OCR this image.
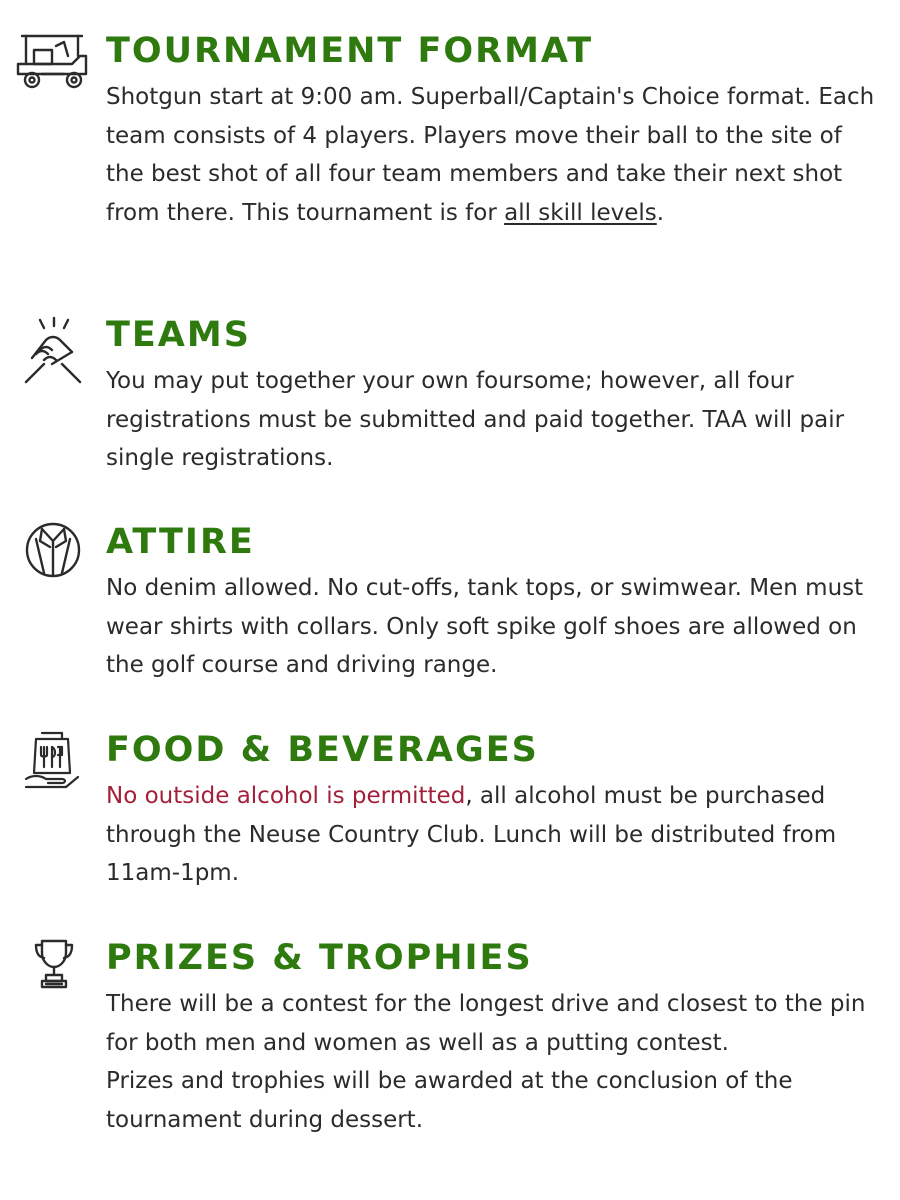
TOURNAMENT FORMAT

Shotgun start at 9:00 am. Superball/Captain's Choice format. Each team consists of 4 players. Players move their ball to the site of the best shot of all four team members and take their next shot from there. This tournament is for all skill levels.

TEAMS

You may put together your own foursome; however, all four registrations must be submitted and paid together. TAA will pair single registrations.

ATTIRE

No denim allowed. No cut-offs, tank tops, or swimwear. Men must wear shirts with collars. Only soft spike golf shoes are allowed on the golf course and driving range.

FOOD & BEVERAGES

No outside alcohol is permitted, all alcohol must be purchased through the Neuse Country Club. Lunch will be distributed from 11am-1pm.

PRIZES & TROPHIES

There will be a contest for the longest drive and closest to the pin for both men and women as well as a putting contest.

Prizes and trophies will be awarded at the conclusion of the tournament during dessert.
